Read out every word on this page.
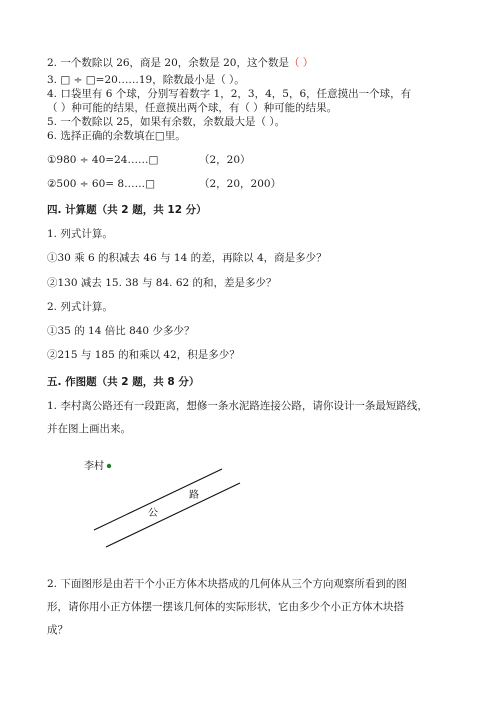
2. 一个数除以 26，商是 20，余数是 20，这个数是（ ）
3. □ ÷ □=20……19，除数最小是（ ）。
4. 口袋里有 6 个球，分别写着数字 1，2，3，4，5，6，任意摸出一个球，有
（ ）种可能的结果，任意摸出两个球，有（ ）种可能的结果。
5. 一个数除以 25，如果有余数，余数最大是（ ）。
6. 选择正确的余数填在□里。
①980 ÷ 40=24……□	（2，20）
②500 ÷ 60= 8……□	（2，20，200）
四. 计算题（共 2 题，共 12 分）
1. 列式计算。
①30 乘 6 的积减去 46 与 14 的差，再除以 4，商是多少？
②130 减去 15. 38 与 84. 62 的和，差是多少？
2. 列式计算。
①35 的 14 倍比 840 少多少？
②215 与 185 的和乘以 42，积是多少？
五. 作图题（共 2 题，共 8 分）
1. 李村离公路还有一段距离，想修一条水泥路连接公路，请你设计一条最短路线，
并在图上画出来。
李村
公
路
2. 下面图形是由若干个小正方体木块搭成的几何体从三个方向观察所看到的图
形，请你用小正方体摆一摆该几何体的实际形状，它由多少个小正方体木块搭
成？
